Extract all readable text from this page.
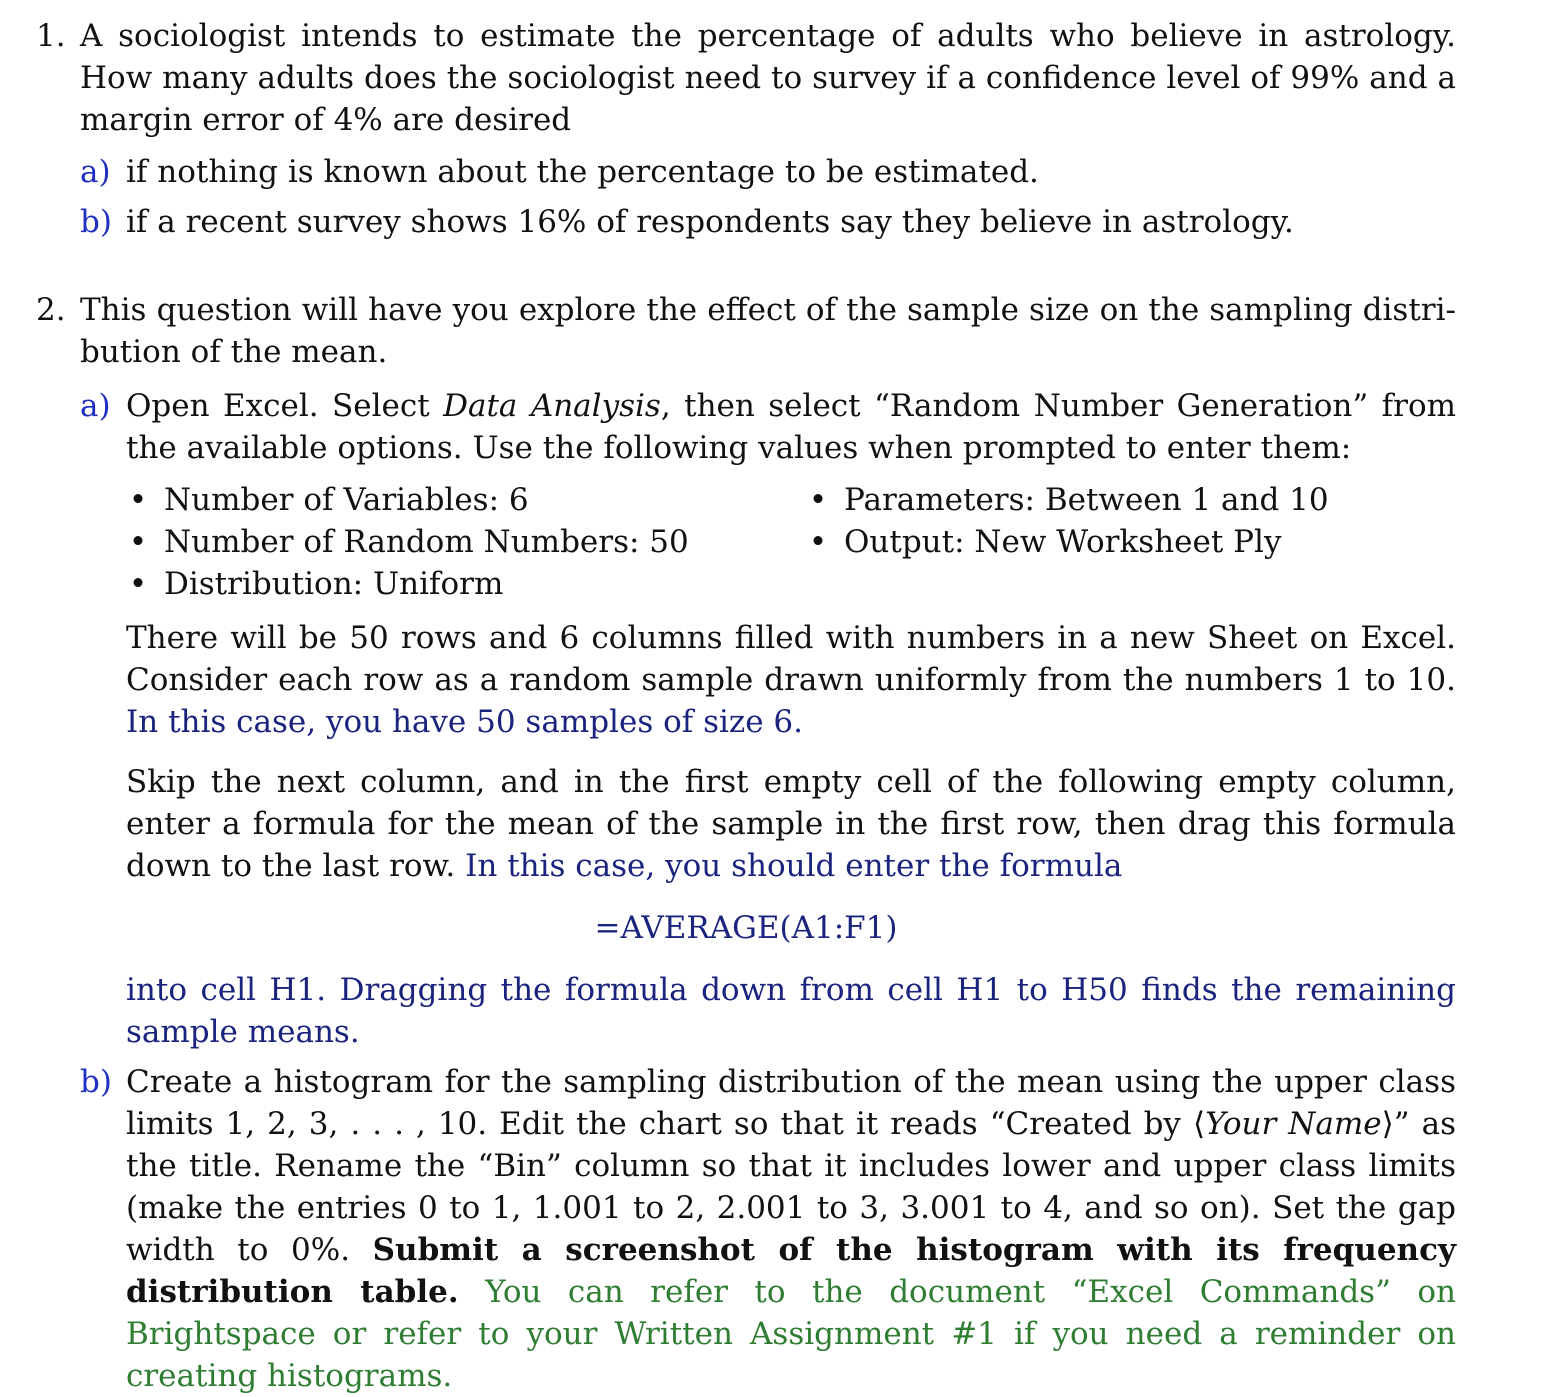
1. A sociologist intends to estimate the percentage of adults who believe in astrology. How many adults does the sociologist need to survey if a confidence level of 99% and a margin error of 4% are desired
a) if nothing is known about the percentage to be estimated.
b) if a recent survey shows 16% of respondents say they believe in astrology.
2. This question will have you explore the effect of the sample size on the sampling distri-bution of the mean.
a) Open Excel. Select Data Analysis, then select “Random Number Generation” from the available options. Use the following values when prompted to enter them:
• Number of Variables: 6
• Number of Random Numbers: 50
• Distribution: Uniform
• Parameters: Between 1 and 10
• Output: New Worksheet Ply
There will be 50 rows and 6 columns filled with numbers in a new Sheet on Excel. Consider each row as a random sample drawn uniformly from the numbers 1 to 10. In this case, you have 50 samples of size 6.
Skip the next column, and in the first empty cell of the following empty column, enter a formula for the mean of the sample in the first row, then drag this formula down to the last row. In this case, you should enter the formula
=AVERAGE(A1:F1)
into cell H1. Dragging the formula down from cell H1 to H50 finds the remaining sample means.
b) Create a histogram for the sampling distribution of the mean using the upper class limits 1, 2, 3, . . . , 10. Edit the chart so that it reads “Created by ⟨Your Name⟩” as the title. Rename the “Bin” column so that it includes lower and upper class limits (make the entries 0 to 1, 1.001 to 2, 2.001 to 3, 3.001 to 4, and so on). Set the gap width to 0%. Submit a screenshot of the histogram with its frequency distribution table. You can refer to the document “Excel Commands” on Brightspace or refer to your Written Assignment #1 if you need a reminder on creating histograms.
